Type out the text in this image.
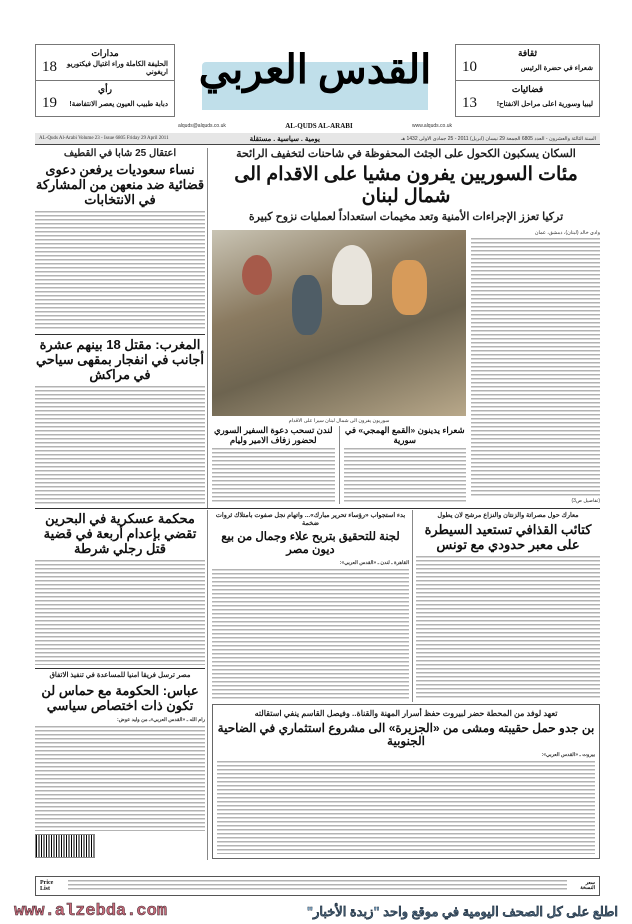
مدارات
الحليفة الكاملة وراء اغتيال فيكتوريو اريغوني
18
رأي
دبابة طبيب العيون يعصر الانتفاضة!
19
القدس العربي
alquds@alquds.co.uk	AL-QUDS AL-ARABI	www.alquds.co.uk
ثقافة
شعراء في حضرة الرئيس
10
فضائيات
ليبيا وسورية اعلى مراحل الانفتاح!
13
AL-Quds Al-Arabi Volume 23 - Issue 6805 Friday 29 April 2011	يومية . سياسية . مستقلة	السنة الثالثة والعشرون - العدد 6805 الجمعة 29 نيسان (ابريل) 2011 - 25 جمادى الاولى 1432 هـ
السكان يسكبون الكحول على الجثث المحفوظة في شاحنات لتخفيف الرائحة
مئات السوريين يفرون مشيا على الاقدام الى شمال لبنان
تركيا تعزز الإجراءات الأمنية وتعد مخيمات استعداداً لعمليات نزوح كبيرة
سوريون يفرون الى شمال لبنان سيرا على الاقدام
لندن تسحب دعوة السفير السوري لحضور زفاف الامير وليام
شعراء يدينون «القمع الهمجي» في سورية
وادي خالد (لبنان)، دمشق، عمان
(تفاصيل ص3)
اعتقال 25 شابا في القطيف
نساء سعوديات يرفعن دعوى قضائية ضد منعهن من المشاركة في الانتخابات
المغرب: مقتل 18 بينهم عشرة أجانب في انفجار بمقهى سياحي في مراكش
محكمة عسكرية في البحرين تقضي بإعدام أربعة في قضية قتل رجلي شرطة
مصر ترسل فريقا امنيا للمساعدة في تنفيذ الاتفاق
عباس: الحكومة مع حماس لن تكون ذات اختصاص سياسي
رام الله ـ «القدس العربي»ـ من وليد عوض:
بدء استجواب «رؤساء تحرير مبارك»... واتهام نجل صفوت بامتلاك ثروات ضخمة
لجنة للتحقيق بتربح علاء وجمال من بيع ديون مصر
القاهرة ـ لندن ـ «القدس العربي»:
معارك حول مصراتة والزنتان والنزاع مرشح لان يطول
كتائب القذافي تستعيد السيطرة على معبر حدودي مع تونس
تعهد لوفد من المحطة حضر لبيروت حفظ أسرار المهنة والقناة.. وفيصل القاسم ينفي استقالته
بن جدو حمل حقيبته ومشى من «الجزيرة» الى مشروع استثماري في الضاحية الجنوبية
بيروت ـ «القدس العربي»:
Price List
سعر النسخة
www.alzebda.com	اطلع على كل الصحف اليومية في موقع واحد "زبدة الأخبار"
